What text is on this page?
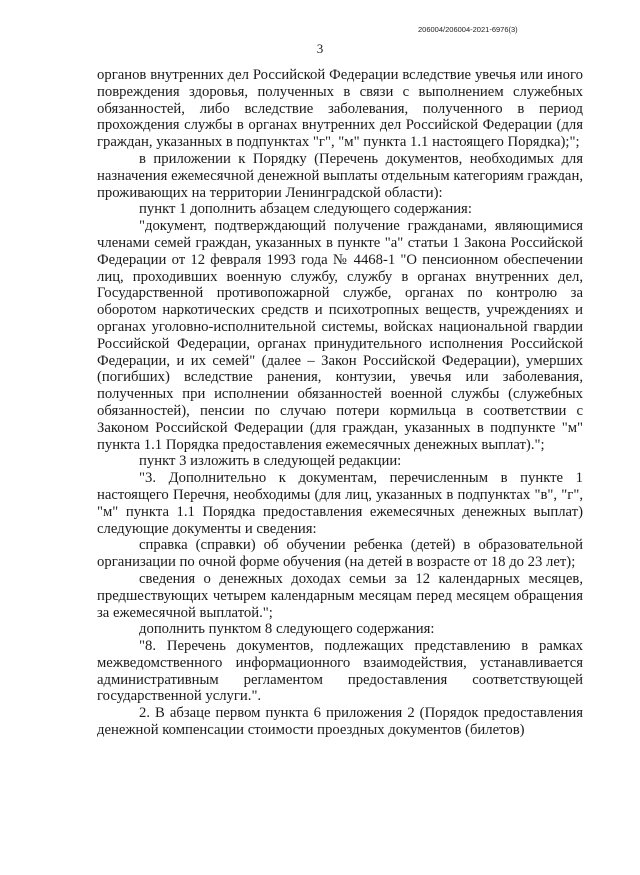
206004/206004-2021-6976(3)
3

органов внутренних дел Российской Федерации вследствие увечья или иного повреждения здоровья, полученных в связи с выполнением служебных обязанностей, либо вследствие заболевания, полученного в период прохождения службы в органах внутренних дел Российской Федерации (для граждан, указанных в подпунктах "г", "м" пункта 1.1 настоящего Порядка);";

в приложении к Порядку (Перечень документов, необходимых для назначения ежемесячной денежной выплаты отдельным категориям граждан, проживающих на территории Ленинградской области):

пункт 1 дополнить абзацем следующего содержания:

"документ, подтверждающий получение гражданами, являющимися членами семей граждан, указанных в пункте "а" статьи 1 Закона Российской Федерации от 12 февраля 1993 года № 4468-1 "О пенсионном обеспечении лиц, проходивших военную службу, службу в органах внутренних дел, Государственной противопожарной службе, органах по контролю за оборотом наркотических средств и психотропных веществ, учреждениях и органах уголовно-исполнительной системы, войсках национальной гвардии Российской Федерации, органах принудительного исполнения Российской Федерации, и их семей" (далее – Закон Российской Федерации), умерших (погибших) вследствие ранения, контузии, увечья или заболевания, полученных при исполнении обязанностей военной службы (служебных обязанностей), пенсии по случаю потери кормильца в соответствии с Законом Российской Федерации (для граждан, указанных в подпункте "м" пункта 1.1 Порядка предоставления ежемесячных денежных выплат).";

пункт 3 изложить в следующей редакции:

"3. Дополнительно к документам, перечисленным в пункте 1 настоящего Перечня, необходимы (для лиц, указанных в подпунктах "в", "г", "м" пункта 1.1 Порядка предоставления ежемесячных денежных выплат) следующие документы и сведения:

справка (справки) об обучении ребенка (детей) в образовательной организации по очной форме обучения (на детей в возрасте от 18 до 23 лет);

сведения о денежных доходах семьи за 12 календарных месяцев, предшествующих четырем календарным месяцам перед месяцем обращения за ежемесячной выплатой.";

дополнить пунктом 8 следующего содержания:

"8. Перечень документов, подлежащих представлению в рамках межведомственного информационного взаимодействия, устанавливается административным регламентом предоставления соответствующей государственной услуги.".

2. В абзаце первом пункта 6 приложения 2 (Порядок предоставления денежной компенсации стоимости проездных документов (билетов)
